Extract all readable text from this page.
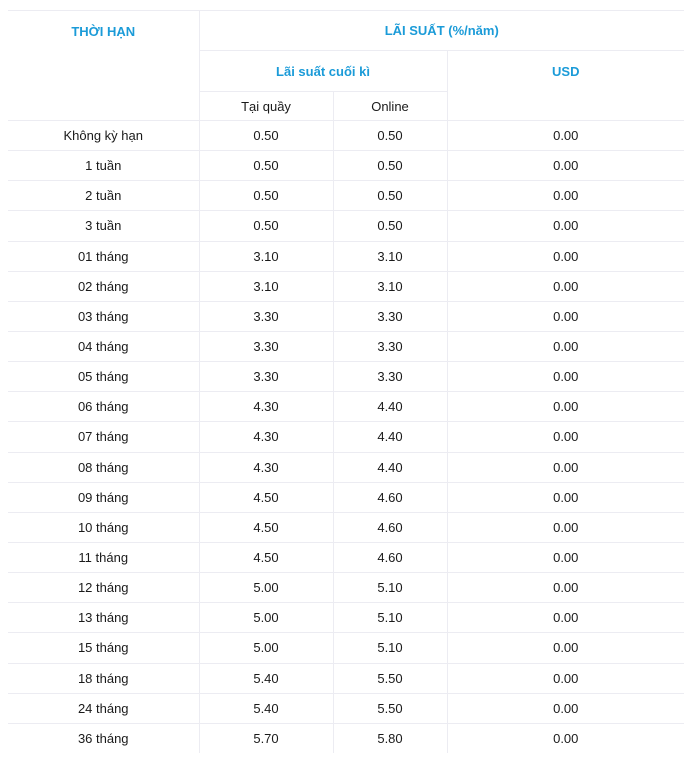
THỜI HẠN	LÃI SUẤT (%/năm)		
	Lãi suất cuối kì		USD
	Tại quầy	Online	
Không kỳ hạn	0.50	0.50	0.00
1 tuần	0.50	0.50	0.00
2 tuần	0.50	0.50	0.00
3 tuần	0.50	0.50	0.00
01 tháng	3.10	3.10	0.00
02 tháng	3.10	3.10	0.00
03 tháng	3.30	3.30	0.00
04 tháng	3.30	3.30	0.00
05 tháng	3.30	3.30	0.00
06 tháng	4.30	4.40	0.00
07 tháng	4.30	4.40	0.00
08 tháng	4.30	4.40	0.00
09 tháng	4.50	4.60	0.00
10 tháng	4.50	4.60	0.00
11 tháng	4.50	4.60	0.00
12 tháng	5.00	5.10	0.00
13 tháng	5.00	5.10	0.00
15 tháng	5.00	5.10	0.00
18 tháng	5.40	5.50	0.00
24 tháng	5.40	5.50	0.00
36 tháng	5.70	5.80	0.00
